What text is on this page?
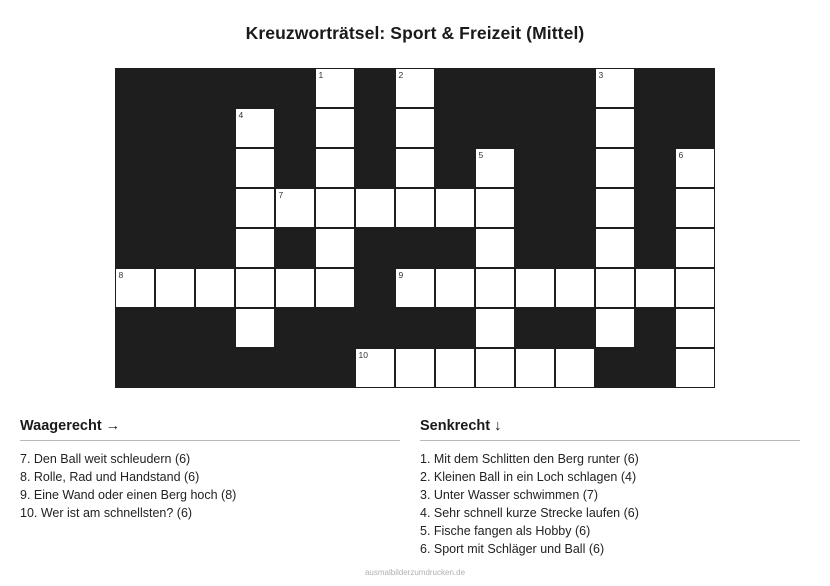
Kreuzworträtsel: Sport & Freizeit (Mittel)
1	2	3
4
5	6
7
8	9
10
Waagerecht →
7. Den Ball weit schleudern (6)
8. Rolle, Rad und Handstand (6)
9. Eine Wand oder einen Berg hoch (8)
10. Wer ist am schnellsten? (6)
Senkrecht ↓
1. Mit dem Schlitten den Berg runter (6)
2. Kleinen Ball in ein Loch schlagen (4)
3. Unter Wasser schwimmen (7)
4. Sehr schnell kurze Strecke laufen (6)
5. Fische fangen als Hobby (6)
6. Sport mit Schläger und Ball (6)
ausmalbilderzumdrucken.de
